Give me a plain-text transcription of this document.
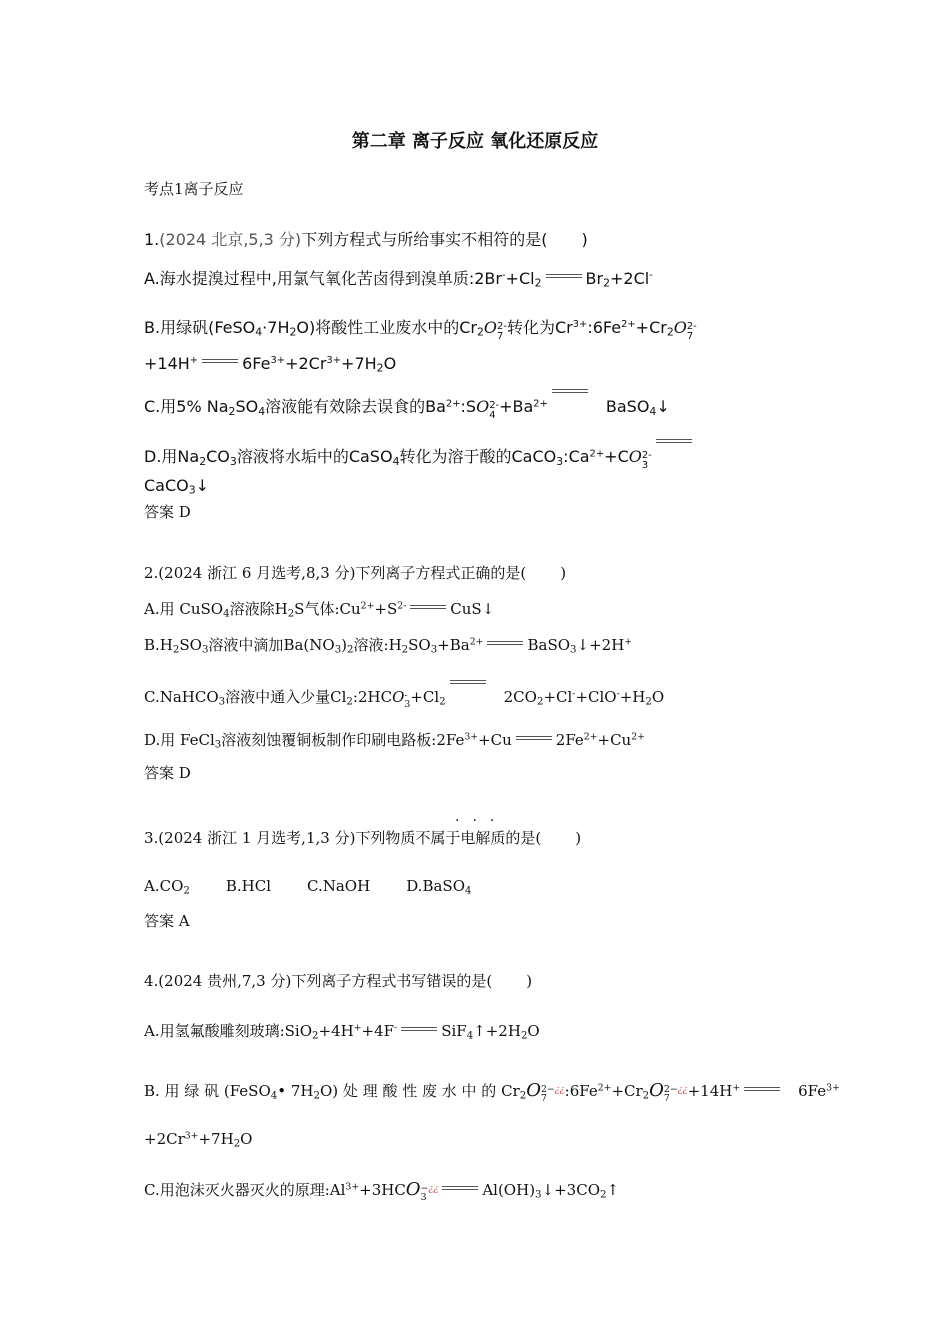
第二章 离子反应 氧化还原反应
考点1离子反应
1.(2024 北京,5,3 分)下列方程式与所给事实不相符的是( )
A.海水提溴过程中,用氯气氧化苦卤得到溴单质$:2Br^-+Cl_2$	$Br_2+2Cl^-$
B.用绿矾$(FeSO_4\cdot 7H_2O)$将酸性工业废水中的$Cr_2O$ 2-
7 转化为$Cr^{3+}:6Fe^{2+}+Cr_2O$ 2-
7
+14H+	$6Fe^{3+}+2Cr^{3+}+7H_2O$
C.用5% $Na_2SO_4$溶液能有效除去误食的$Ba^{2+}:SO$ 2-
$4 +Ba^{2+}$	BaSO$_4$↓
D.用$Na_2CO_3$溶液将水垢中的CaSO$_4$转化为溶于酸的$CaCO_3:Ca^{2+}+CO$ 2-
3
CaCO$_3$↓
答案 D
2.(2024 浙江 6 月选考,8,3 分)下列离子方程式正确的是( )
A.用 CuSO$_4$溶液除$H_2S$气体$:Cu^{2+}+S^{2-}$	CuS↓
$B.H_2SO_3$溶液中滴加$Ba(NO_3)_2$溶液$:H_2SO_3+Ba^{2+}$	BaSO$_3$↓+2H+
C.NaHCO$_3$溶液中通入少量$Cl_2:2HCO$ -
$3 +Cl_2$	$2CO_2+Cl^-+ClO^-+H_2O$
D.用 FeCl$_3$溶液刻蚀覆铜板制作印刷电路板$:2Fe^{3+}+Cu$	$2Fe^{2+}+Cu^{2+}$
答案 D
···
3.(2024 浙江 1 月选考,1,3 分)下列物质不属于电解质的是( )
$A.CO_2$ B.HCl C.NaOH D.BaSO$_4$
答案 A
4.(2024 贵州,7,3 分)下列离子方程式书写错误的是( )
A.用氢氟酸雕刻玻璃:SiO$_2$+4H++4F-	$SiF_4↑+2H_2O$
B. 用 绿 矾 (FeSO$_4$• $7H_2O$) 处 理 酸 性 废 水 中 的 $Cr_2O$ 2−¿¿
7	$:6Fe^{2+}+Cr_2O$ 2−¿¿
7	+14H+	$6Fe^{3+}$
$+2Cr^{3+}+7H_2O$
C.用泡沫灭火器灭火的原理$:Al^{3+}+3HCO$ −¿¿
3	$Al(OH)_3↓+3CO_2↑$
